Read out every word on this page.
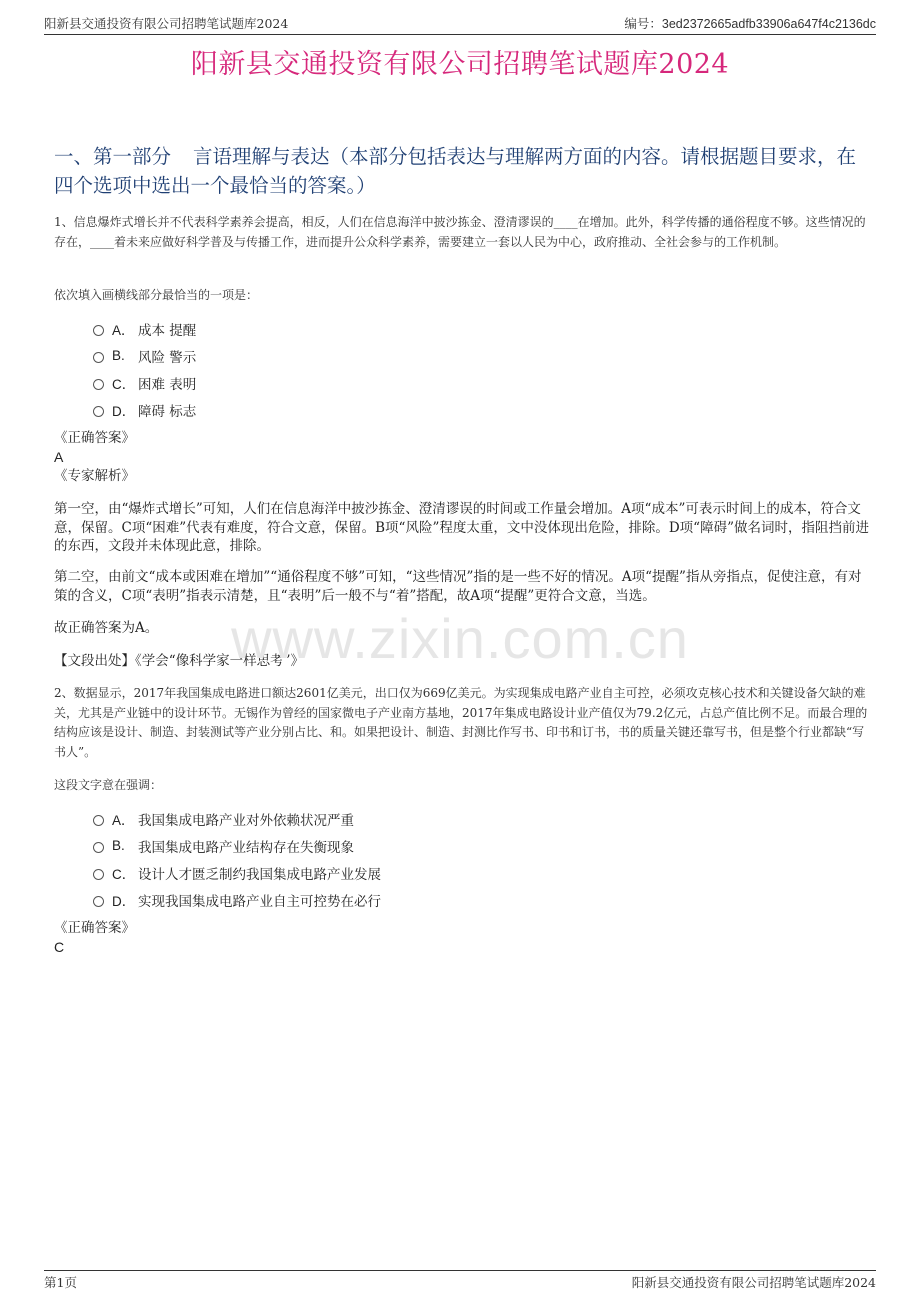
阳新县交通投资有限公司招聘笔试题库2024	编号：3ed2372665adfb33906a647f4c2136dc
阳新县交通投资有限公司招聘笔试题库2024
一、第一部分 言语理解与表达（本部分包括表达与理解两方面的内容。请根据题目要求，在四个选项中选出一个最恰当的答案。）
1、信息爆炸式增长并不代表科学素养会提高，相反，人们在信息海洋中披沙拣金、澄清谬误的____在增加。此外，科学传播的通俗程度不够。这些情况的存在，____着未来应做好科学普及与传播工作，进而提升公众科学素养，需要建立一套以人民为中心，政府推动、全社会参与的工作机制。
依次填入画横线部分最恰当的一项是：
A． 成本 提醒
B. 风险 警示
C． 困难 表明
D． 障碍 标志
《正确答案》
A
《专家解析》

第一空，由“爆炸式增长”可知，人们在信息海洋中披沙拣金、澄清谬误的时间或工作量会增加。A项“成本”可表示时间上的成本，符合文意，保留。C项“困难”代表有难度，符合文意，保留。B项“风险”程度太重，文中没体现出危险，排除。D项“障碍”做名词时，指阻挡前进的东西，文段并未体现此意，排除。

第二空，由前文“成本或困难在增加”“通俗程度不够”可知，“这些情况”指的是一些不好的情况。A项“提醒”指从旁指点，促使注意，有对策的含义，C项“表明”指表示清楚，且“表明”后一般不与“着”搭配，故A项“提醒”更符合文意，当选。

故正确答案为A。

【文段出处】《学会“像科学家一样思考”》

www.zixin.com.cn
2、数据显示，2017年我国集成电路进口额达2601亿美元，出口仅为669亿美元。为实现集成电路产业自主可控，必须攻克核心技术和关键设备欠缺的难关，尤其是产业链中的设计环节。无锡作为曾经的国家微电子产业南方基地，2017年集成电路设计业产值仅为79.2亿元，占总产值比例不足。而最合理的结构应该是设计、制造、封装测试等产业分别占比、和。如果把设计、制造、封测比作写书、印书和订书，书的质量关键还靠写书，但是整个行业都缺“写书人”。
这段文字意在强调：
A． 我国集成电路产业对外依赖状况严重
B. 我国集成电路产业结构存在失衡现象
C． 设计人才匮乏制约我国集成电路产业发展
D． 实现我国集成电路产业自主可控势在必行
《正确答案》
C
第1页	阳新县交通投资有限公司招聘笔试题库2024
